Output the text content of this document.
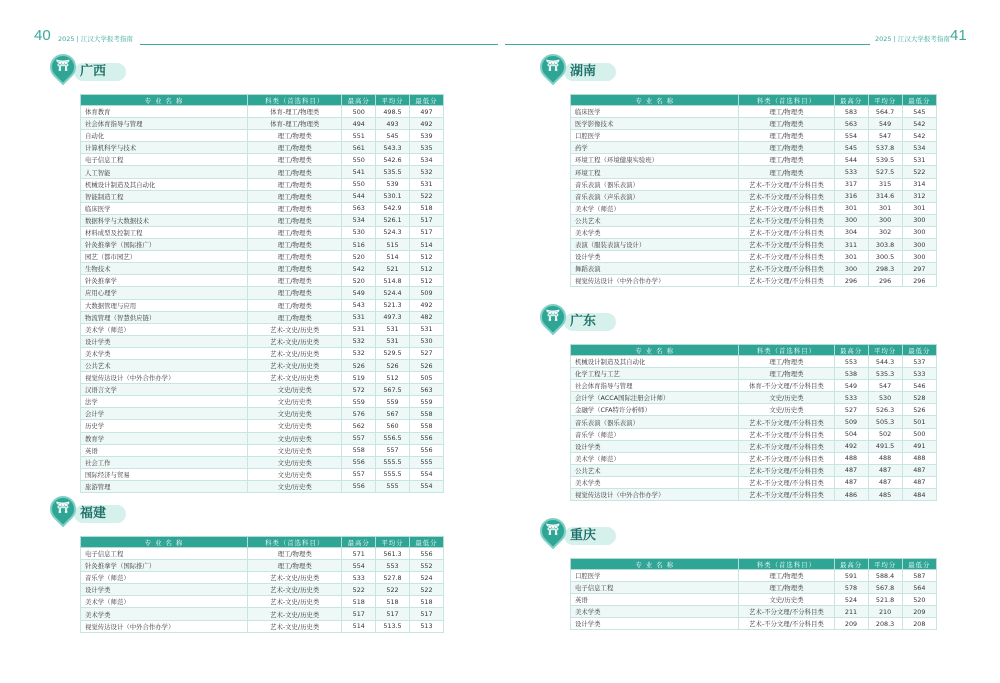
40 2025 | 江汉大学报考指南	2025 | 江汉大学报考指南 41
⛩ 广西
专 业 名 称	科类（首选科目）	最高分	平均分	最低分
体育教育	体育-理工/物理类	500	498.5	497
社会体育指导与管理	体育-理工/物理类	494	493	492
自动化	理工/物理类	551	545	539
计算机科学与技术	理工/物理类	561	543.3	535
电子信息工程	理工/物理类	550	542.6	534
人工智能	理工/物理类	541	535.5	532
机械设计制造及其自动化	理工/物理类	550	539	531
智能制造工程	理工/物理类	544	530.1	522
临床医学	理工/物理类	563	542.9	518
数据科学与大数据技术	理工/物理类	534	526.1	517
材料成型及控制工程	理工/物理类	530	524.3	517
针灸推拿学（国际推广）	理工/物理类	516	515	514
园艺（都市园艺）	理工/物理类	520	514	512
生物技术	理工/物理类	542	521	512
针灸推拿学	理工/物理类	520	514.8	512
应用心理学	理工/物理类	549	524.4	509
大数据管理与应用	理工/物理类	543	521.3	492
物流管理（智慧供应链）	理工/物理类	531	497.3	482
美术学（师范）	艺术-文史/历史类	531	531	531
设计学类	艺术-文史/历史类	532	531	530
美术学类	艺术-文史/历史类	532	529.5	527
公共艺术	艺术-文史/历史类	526	526	526
视觉传达设计（中外合作办学）	艺术-文史/历史类	519	512	505
汉语言文学	文史/历史类	572	567.5	563
法学	文史/历史类	559	559	559
会计学	文史/历史类	576	567	558
历史学	文史/历史类	562	560	558
教育学	文史/历史类	557	556.5	556
英语	文史/历史类	558	557	556
社会工作	文史/历史类	556	555.5	555
国际经济与贸易	文史/历史类	557	555.5	554
旅游管理	文史/历史类	556	555	554
⛩ 福建
专 业 名 称	科类（首选科目）	最高分	平均分	最低分
电子信息工程	理工/物理类	571	561.3	556
针灸推拿学（国际推广）	理工/物理类	554	553	552
音乐学（师范）	艺术-文史/历史类	533	527.8	524
设计学类	艺术-文史/历史类	522	522	522
美术学（师范）	艺术-文史/历史类	518	518	518
美术学类	艺术-文史/历史类	517	517	517
视觉传达设计（中外合作办学）	艺术-文史/历史类	514	513.5	513
⛩ 湖南
专 业 名 称	科类（首选科目）	最高分	平均分	最低分
临床医学	理工/物理类	583	564.7	545
医学影像技术	理工/物理类	563	549	542
口腔医学	理工/物理类	554	547	542
药学	理工/物理类	545	537.8	534
环境工程（环境健康实验班）	理工/物理类	544	539.5	531
环境工程	理工/物理类	533	527.5	522
音乐表演（器乐表演）	艺术-不分文理/不分科目类	317	315	314
音乐表演（声乐表演）	艺术-不分文理/不分科目类	316	314.6	312
美术学（师范）	艺术-不分文理/不分科目类	301	301	301
公共艺术	艺术-不分文理/不分科目类	300	300	300
美术学类	艺术-不分文理/不分科目类	304	302	300
表演（服装表演与设计）	艺术-不分文理/不分科目类	311	303.8	300
设计学类	艺术-不分文理/不分科目类	301	300.5	300
舞蹈表演	艺术-不分文理/不分科目类	300	298.3	297
视觉传达设计（中外合作办学）	艺术-不分文理/不分科目类	296	296	296
⛩ 广东
专 业 名 称	科类（首选科目）	最高分	平均分	最低分
机械设计制造及其自动化	理工/物理类	553	544.3	537
化学工程与工艺	理工/物理类	538	535.3	533
社会体育指导与管理	体育-不分文理/不分科目类	549	547	546
会计学（ACCA国际注册会计师）	文史/历史类	533	530	528
金融学（CFA特许分析师）	文史/历史类	527	526.3	526
音乐表演（器乐表演）	艺术-不分文理/不分科目类	509	505.3	501
音乐学（师范）	艺术-不分文理/不分科目类	504	502	500
设计学类	艺术-不分文理/不分科目类	492	491.5	491
美术学（师范）	艺术-不分文理/不分科目类	488	488	488
公共艺术	艺术-不分文理/不分科目类	487	487	487
美术学类	艺术-不分文理/不分科目类	487	487	487
视觉传达设计（中外合作办学）	艺术-不分文理/不分科目类	486	485	484
⛩ 重庆
专 业 名 称	科类（首选科目）	最高分	平均分	最低分
口腔医学	理工/物理类	591	588.4	587
电子信息工程	理工/物理类	578	567.8	564
英语	文史/历史类	524	521.8	520
美术学类	艺术-不分文理/不分科目类	211	210	209
设计学类	艺术-不分文理/不分科目类	209	208.3	208
